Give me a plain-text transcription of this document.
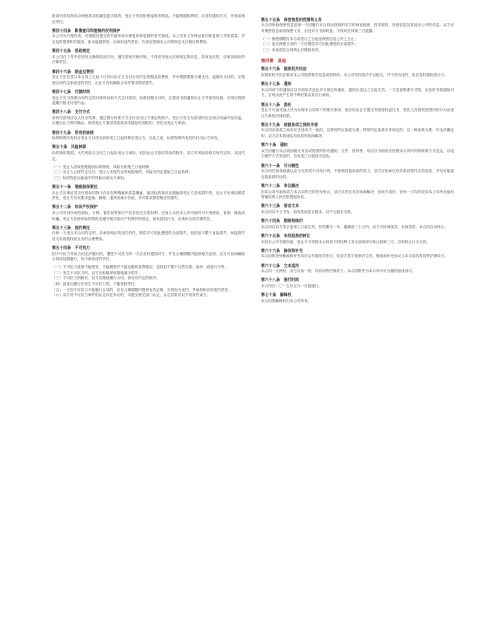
批或所有权尚未办理批准或权属变更手续的，受让方有权拒绝接收该物品。不能按期转移的，应及时通知对方，并承担相应责任。
第四十四条　影像复印和复制的权利保护
本公司为方便作者，可根据其提交的书面申请办理复印和复制的有关事项。本公司有义务保证复印和复制工作的质量，并应及时提供相关服务，如未能提供的，应承担违约责任；作者应按照本公司的规定支付相应的费用。
第四十五条　思政规定
本公司在工作中应坚持正确的政治方向，遵守国家法律法规，不得发布违反法律规定的信息，如有违反的，应承担相应的法律责任。
第四十六条　期金及费用
受让方应在签订本合同之日起十日内向出让方支付合同约定的期金及费用，并可根据需要分期支付。逾期未支付的，应按照合同约定承担违约责任，出让方有权解除合同并要求赔偿损失。
第四十七条　付款时间
受让方应当按照合同约定的付款时间和方式支付款项，如需延期支付的，应提前书面通知出让方并取得同意，否则应按照逾期天数支付违约金。
第四十八条　支付方式
所有付款均应以人民币结算，通过银行转账方式支付至出让方指定的账户。受让方在支付款项时应注明合同编号及用途，以便出让方核对确认。如因受让方原因导致款项未能及时到账的，责任由受让方承担。
第四十九条　所有权转移
标的物的所有权自受让方付清全部款项之日起转移至受让方，在此之前，标的物的所有权仍归出让方所有。
第五十条　风险转移
标的物的毁损、灭失风险自交付之日起由受让方承担，但因出让方原因导致的除外。双方对风险转移另有约定的，从其约定。
（一）受让人因故拒绝接收标的物的，风险自拒绝之日起转移；
（二）出让人已按约定交付，受让人未按约定时间提取的，风险自约定提取之日起转移；
（三）标的物在运输途中的风险由承运方承担。
第五十一条　瑕疵担保责任
出让方应保证其交付的标的物不存在权利瑕疵和质量瑕疵，如因标的物存在瑕疵给受让方造成损失的，出让方应承担赔偿责任，受让方有权要求更换、修理、退货或减少价款，并可要求赔偿相应的损失。
第五十二条　知识产权保护
本公司对其所有的商标、专利、著作权等知识产权享有完全的权利，任何人未经本公司书面许可不得使用、复制、修改或传播。受让方在使用标的物时应遵守相关知识产权保护的规定，如有侵权行为，应承担全部法律责任。
第五十三条　违约责任
任何一方违反本合同约定的，应承担相应的违约责任，赔偿对方因此遭受的全部损失，包括但不限于直接损失、间接损失及为实现债权而支出的合理费用。
第五十四条　不可抗力
因不可抗力导致合同无法履行的，遭受不可抗力的一方应及时通知对方，并在合理期限内提供相关证明，双方可协商解除合同或延期履行，均不承担违约责任。
（一）不可抗力是指不能预见、不能避免并不能克服的客观情况，包括但不限于自然灾害、战争、政府行为等；
（二）发生不可抗力时，双方应积极采取措施减少损失；
（三）不可抗力消除后，双方应继续履行合同，但另有约定的除外；
（四）因延迟履行后发生不可抗力的，不能免除责任；
（五）一方因不可抗力不能履行合同的，应在合理期限内提供有效证明，否则视为违约，并承担相应的违约责任；
（六）双方对不可抗力事件的认定存在争议的，可提交相关部门认定，认定结果对双方均有约束力。
第五十五条　保密信息的范围和义务
本合同所称保密信息是指一方因履行本合同而获知的对方的商业秘密、技术资料、经营信息及其他未公开的信息。双方应对保密信息承担保密义务，未经对方书面同意，不得向任何第三方披露。
（一）保密期限自本合同签订之日起至保密信息公开之日止；
（二）违反保密义务的一方应赔偿对方因此遭受的全部损失；
（三）本条款在合同终止后继续有效。
第四章　其他
第五十六条　国家机关执法
如国家机关依法要求本公司提供相关信息或资料的，本公司有权依法予以配合，并不视为违约，但应及时通知受让方。
第五十七条　通知
本合同项下的通知应以书面形式送达对方指定的地址，通知自送达之日起生效。一方变更联系方式的，应及时书面通知对方，否则由此产生的不利后果由其自行承担。
第五十八条　委托
受让方可委托他人代为办理本合同项下的相关事项，但应向出让方提交书面授权委托书，受托人在授权范围内的行为由受让方承担法律后果。
第五十九条　前款各项之间的矛盾
本合同各条款之间存在矛盾或不一致的，以特别约定条款为准；特别约定条款未作规定的，以一般条款为准；仍无法确定的，双方应本着诚实信用原则协商解决。
第六十条　通知
双方因履行本合同而相互发出或提供的所有通知、文件、资料等，均应以书面形式按照本合同所列的联系方式送达，以电子邮件方式发送的，自发送之日起视为送达。
第六十一条　可分割性
本合同任何条款被认定为无效或不可执行的，不影响其他条款的效力，双方应协商以有效条款替代无效条款，并尽可能接近原条款的目的。
第六十二条　争议解决
因本合同引起的或与本合同有关的任何争议，双方应首先友好协商解决；协商不成的，任何一方均有权向本公司所在地有管辖权的人民法院提起诉讼。
第六十三条　语言文本
本合同以中文书写，如有其他语言版本，以中文版本为准。
第六十四条　期限和续约
本合同自双方签字盖章之日起生效，有效期为一年。期满前三十日内，双方可协商续签，未续签的，本合同自动终止。
第六十五条　未经批准的转让
未经本公司书面同意，受让方不得将本合同项下的权利义务全部或部分转让给第三方，否则转让行为无效。
第六十六条　修改和补充
本合同的任何修改和补充均应以书面形式作出，经双方签字盖章后生效，修改和补充协议与本合同具有同等法律效力。
第六十七条　文本适用
本合同一式两份，双方各执一份，具有同等法律效力。本合同附件为本合同不可分割的组成部分。
第六十八条　施行时间
本合同自二〇一五年五月一日起施行。
第七十条　解释权
本合同的解释权归本公司所有。
